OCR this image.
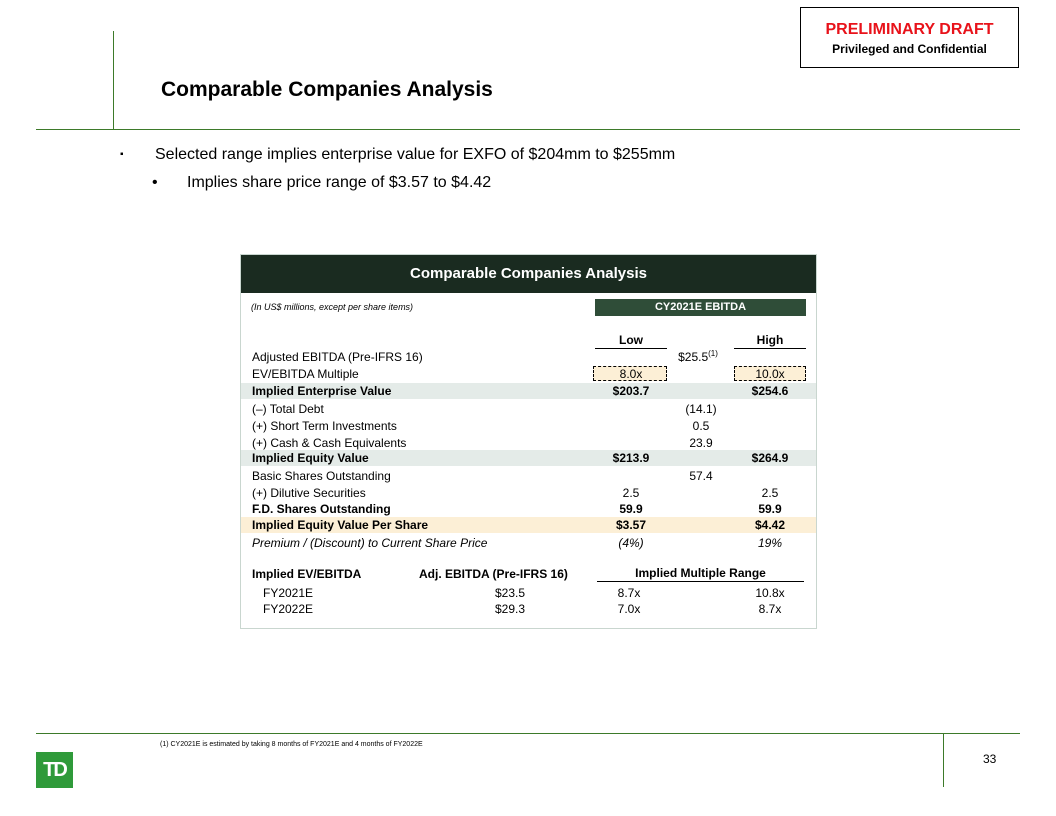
PRELIMINARY DRAFT
Privileged and Confidential
Comparable Companies Analysis
▪ Selected range implies enterprise value for EXFO of $204mm to $255mm
• Implies share price range of $3.57 to $4.42
Comparable Companies Analysis
(In US$ millions, except per share items)	CY2021E EBITDA
Low	High
Adjusted EBITDA (Pre-IFRS 16)	$25.5$^{(1)}$
EV/EBITDA Multiple	8.0x	10.0x
Implied Enterprise Value	$203.7	$254.6
(–) Total Debt	(14.1)
(+) Short Term Investments	0.5
(+) Cash & Cash Equivalents	23.9
Implied Equity Value	$213.9	$264.9
Basic Shares Outstanding	57.4
(+) Dilutive Securities	2.5	2.5
F.D. Shares Outstanding	59.9	59.9
Implied Equity Value Per Share	$3.57	$4.42
Premium / (Discount) to Current Share Price	(4%)	19%
Implied EV/EBITDA	Adj. EBITDA (Pre-IFRS 16)	Implied Multiple Range
FY2021E	$23.5	8.7x	10.8x
FY2022E	$29.3	7.0x	8.7x
(1) CY2021E is estimated by taking 8 months of FY2021E and 4 months of FY2022E
33
TD
